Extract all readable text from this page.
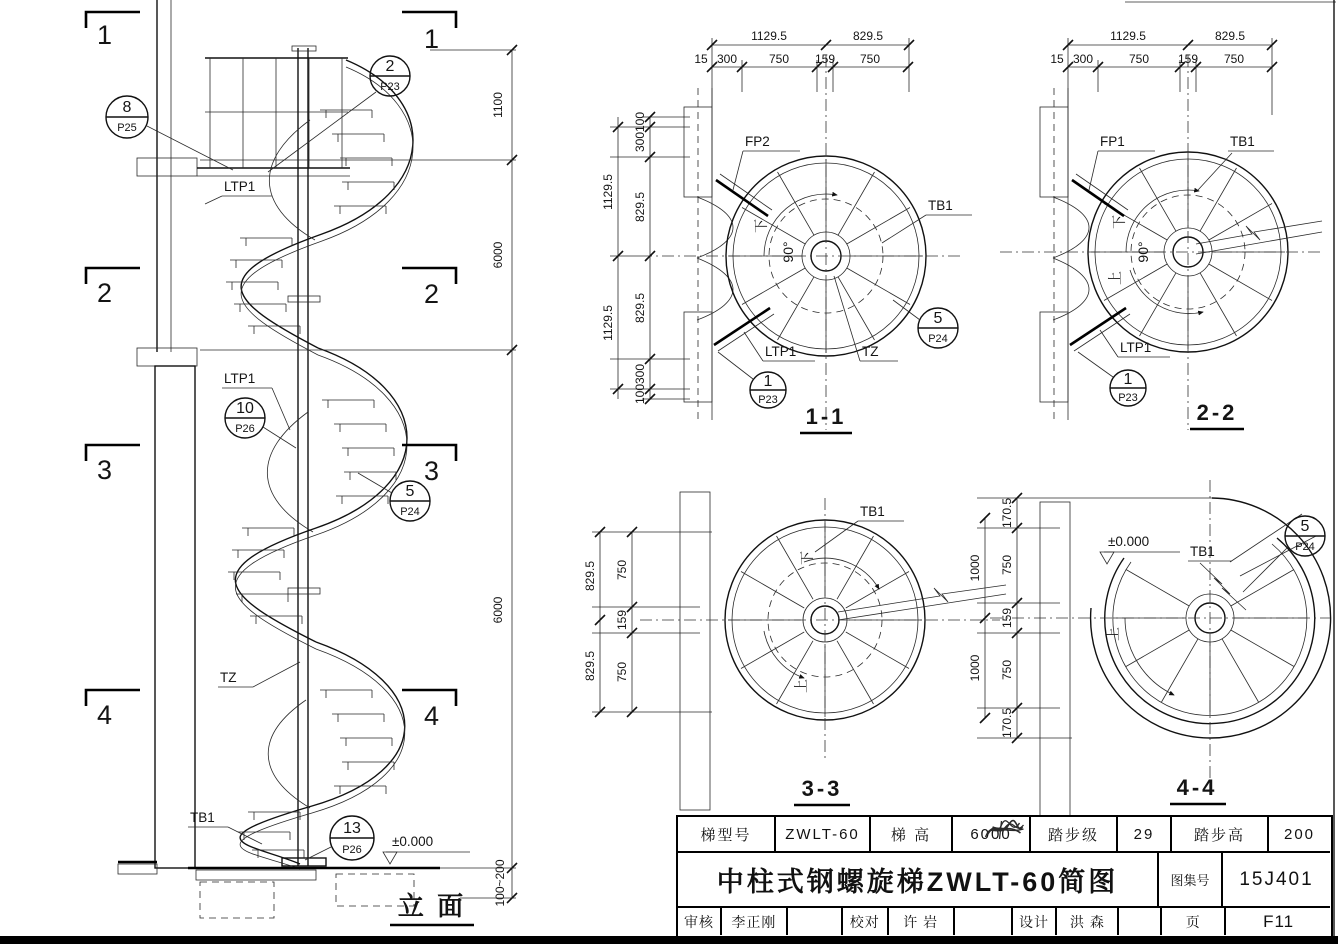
1	1
2	2
3	3
4	4
8
P25
2
P23
10
P26
5
P24
13
P26
LTP1
LTP1
TZ
TB1
±0.000
1100
6000
6000
100~200
立 面
1129.5	829.5
15 300	750 159 750
1129.5
1129.5
100
300
829.5
829.5
300
100
FP2
TB1
TZ
LTP1
下
90°
1
P23
5
P24
1-1
1129.5	829.5
15 300	750 159 750
FP1	TB1
LTP1
下
90°
上
1
P23
2-2
829.5
829.5
750
159
750
TB1
下
上
3-3
1000
1000
170.5
750
159
750
170.5
±0.000
TB1
上
5
P24
4-4
梯型号	ZWLT-60	梯 高	6000	踏步级	29	踏步高	200
中柱式钢螺旋梯ZWLT-60简图	图集号	15J401
审核	李正刚	校对	许 岩	设计	洪 森	页	F11
